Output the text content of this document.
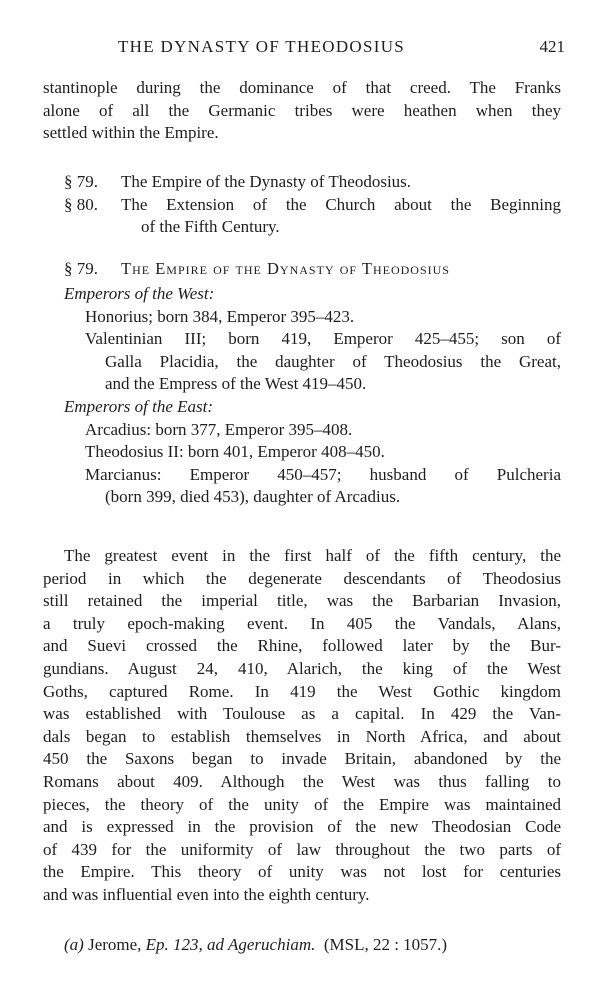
THE DYNASTY OF THEODOSIUS	421
stantinople during the dominance of that creed. The Franks
alone of all the Germanic tribes were heathen when they
settled within the Empire.
§ 79.	The Empire of the Dynasty of Theodosius.
§ 80.	The Extension of the Church about the Beginning
of the Fifth Century.
§ 79.	The Empire of the Dynasty of Theodosius
Emperors of the West:
Honorius; born 384, Emperor 395–423.
Valentinian III; born 419, Emperor 425–455; son of
Galla Placidia, the daughter of Theodosius the Great,
and the Empress of the West 419–450.
Emperors of the East:
Arcadius: born 377, Emperor 395–408.
Theodosius II: born 401, Emperor 408–450.
Marcianus: Emperor 450–457; husband of Pulcheria
(born 399, died 453), daughter of Arcadius.
The greatest event in the first half of the fifth century, the
period in which the degenerate descendants of Theodosius
still retained the imperial title, was the Barbarian Invasion,
a truly epoch-making event. In 405 the Vandals, Alans,
and Suevi crossed the Rhine, followed later by the Bur-
gundians. August 24, 410, Alarich, the king of the West
Goths, captured Rome. In 419 the West Gothic kingdom
was established with Toulouse as a capital. In 429 the Van-
dals began to establish themselves in North Africa, and about
450 the Saxons began to invade Britain, abandoned by the
Romans about 409. Although the West was thus falling to
pieces, the theory of the unity of the Empire was maintained
and is expressed in the provision of the new Theodosian Code
of 439 for the uniformity of law throughout the two parts of
the Empire. This theory of unity was not lost for centuries
and was influential even into the eighth century.
(a) Jerome, Ep. 123, ad Ageruchiam. (MSL, 22 : 1057.)
